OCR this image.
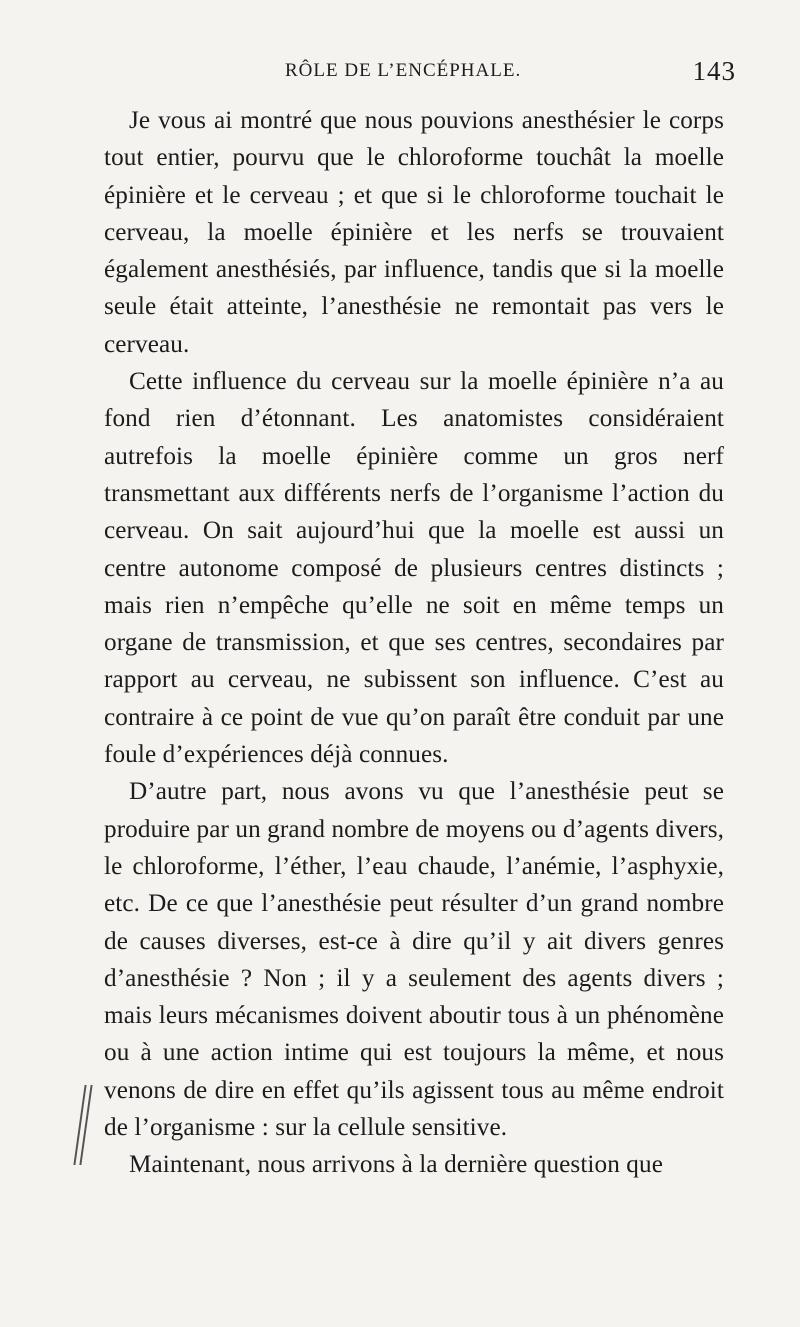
RÔLE DE L’ENCÉPHALE.	143

Je vous ai montré que nous pouvions anesthésier le corps tout entier, pourvu que le chloroforme touchât la moelle épinière et le cerveau ; et que si le chloroforme touchait le cerveau, la moelle épinière et les nerfs se trouvaient également anesthésiés, par influence, tandis que si la moelle seule était atteinte, l’anesthésie ne remontait pas vers le cerveau.

Cette influence du cerveau sur la moelle épinière n’a au fond rien d’étonnant. Les anatomistes considéraient autrefois la moelle épinière comme un gros nerf transmettant aux différents nerfs de l’organisme l’action du cerveau. On sait aujourd’hui que la moelle est aussi un centre autonome composé de plusieurs centres distincts ; mais rien n’empêche qu’elle ne soit en même temps un organe de transmission, et que ses centres, secondaires par rapport au cerveau, ne subissent son influence. C’est au contraire à ce point de vue qu’on paraît être conduit par une foule d’expériences déjà connues.

D’autre part, nous avons vu que l’anesthésie peut se produire par un grand nombre de moyens ou d’agents divers, le chloroforme, l’éther, l’eau chaude, l’anémie, l’asphyxie, etc. De ce que l’anesthésie peut résulter d’un grand nombre de causes diverses, est-ce à dire qu’il y ait divers genres d’anesthésie ? Non ; il y a seulement des agents divers ; mais leurs mécanismes doivent aboutir tous à un phénomène ou à une action intime qui est toujours la même, et nous venons de dire en effet qu’ils agissent tous au même endroit de l’organisme : sur la cellule sensitive.

Maintenant, nous arrivons à la dernière question que
